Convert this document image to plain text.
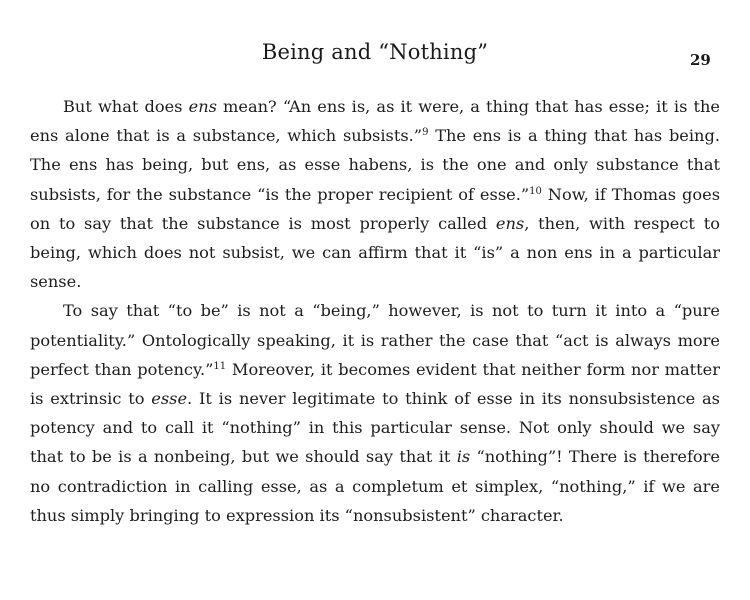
Being and “Nothing”	29

But what does ens mean? “An ens is, as it were, a thing that has esse; it is the ens alone that is a substance, which subsists.”$^9$ The ens is a thing that has being. The ens has being, but ens, as esse habens, is the one and only substance that subsists, for the substance “is the proper recipient of esse.”$^{10}$ Now, if Thomas goes on to say that the substance is most properly called ens, then, with respect to being, which does not subsist, we can affirm that it “is” a non ens in a particular sense.

To say that “to be” is not a “being,” however, is not to turn it into a “pure potentiality.” Ontologically speaking, it is rather the case that “act is always more perfect than potency.”$^{11}$ Moreover, it becomes evident that neither form nor matter is extrinsic to esse. It is never legitimate to think of esse in its nonsubsistence as potency and to call it “nothing” in this particular sense. Not only should we say that to be is a nonbeing, but we should say that it is “nothing”! There is therefore no contradiction in calling esse, as a completum et simplex, “nothing,” if we are thus simply bringing to expression its “nonsubsistent” character.
